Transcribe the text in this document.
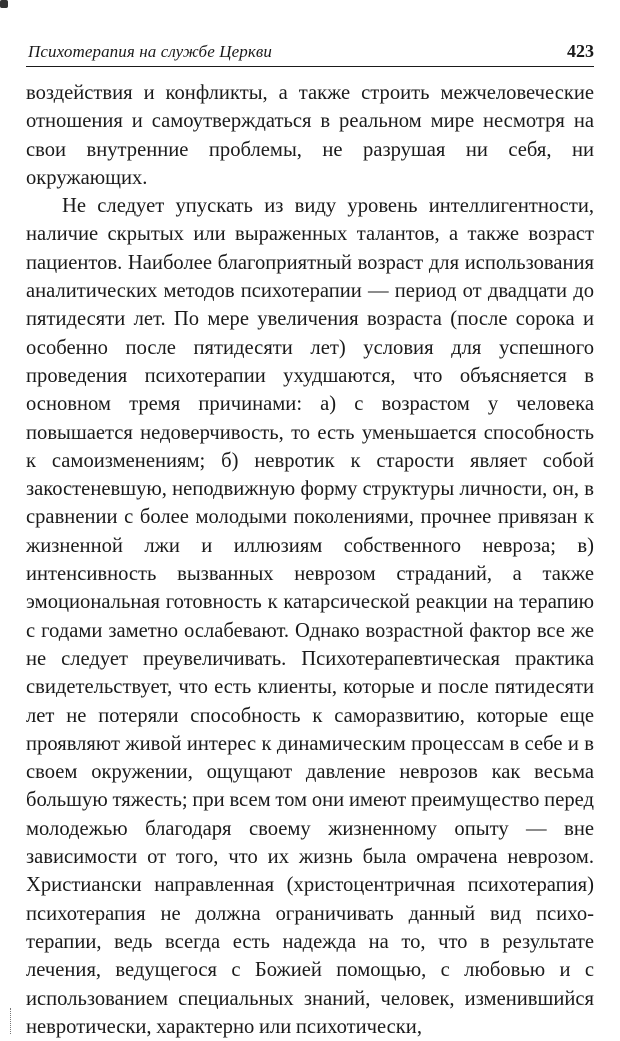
Психотерапия на службе Церкви	423

воздействия и конфликты, а также строить межчеловеческие отношения и самоутверждаться в реальном мире несмотря на свои внутренние проблемы, не разрушая ни себя, ни окружающих.

Не следует упускать из виду уровень интеллигентности, наличие скрытых или выраженных талантов, а также возраст пациентов. Наиболее благоприятный возраст для использования аналитических методов психотерапии — период от двадцати до пятидесяти лет. По мере увеличения возраста (после сорока и особенно после пятидесяти лет) условия для успешного проведения психотерапии ухудшаются, что объясняется в основном тремя причинами: а) с возрастом у человека повышается недоверчивость, то есть уменьшается способность к самоизменениям; б) невротик к старости являет собой закостеневшую, неподвижную форму структуры личности, он, в сравнении с более молодыми поколениями, прочнее привязан к жизненной лжи и иллюзиям собственного невроза; в) интенсивность вызванных неврозом страданий, а также эмоциональная готовность к катарсической реакции на терапию с годами заметно ослабевают. Однако возрастной фактор все же не следует преувеличивать. Психотерапевтическая практика свидетельствует, что есть клиенты, которые и после пятидесяти лет не потеряли способность к саморазвитию, которые еще проявляют живой интерес к динамическим процессам в себе и в своем окружении, ощущают давление неврозов как весьма большую тяжесть; при всем том они имеют преимущество перед молодежью благодаря своему жизненному опыту — вне зависимости от того, что их жизнь была омрачена неврозом. Христиански направленная (христоцентричная психотерапия) психотерапия не должна ограничивать данный вид психотерапии, ведь всегда есть надежда на то, что в результате лечения, ведущегося с Божией помощью, с любовью и с использованием специальных знаний, человек, изменившийся невротически, характерно или психотически,
